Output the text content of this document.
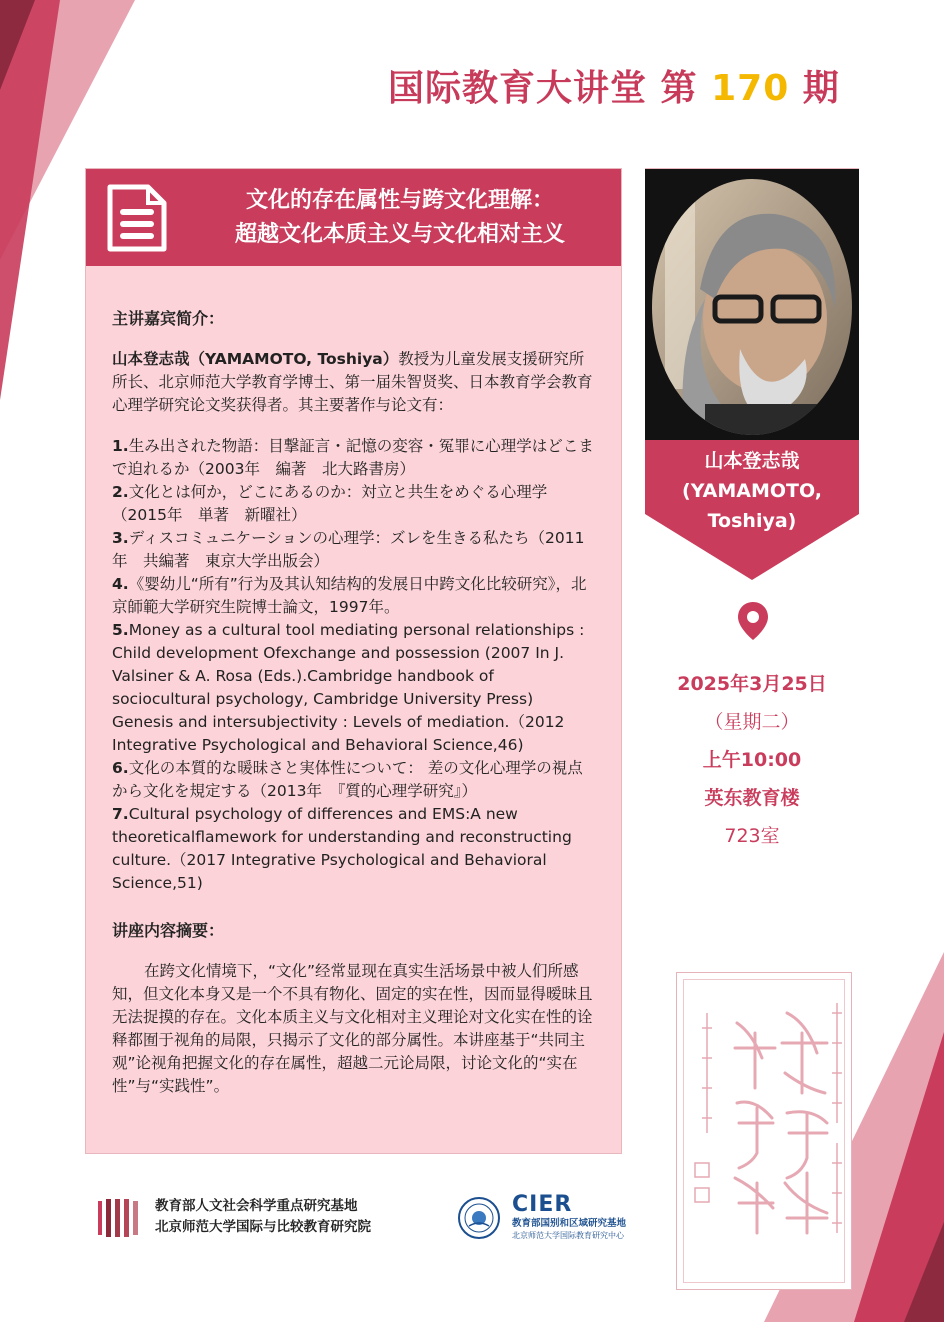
国际教育大讲堂 第 170 期
文化的存在属性与跨文化理解：
超越文化本质主义与文化相对主义
主讲嘉宾简介：

山本登志哉（YAMAMOTO, Toshiya）教授为儿童发展支援研究所所长、北京师范大学教育学博士、第一届朱智贤奖、日本教育学会教育心理学研究论文奖获得者。其主要著作与论文有：

1.生み出された物語：目撃証言・記憶の変容・冤罪に心理学はどこまで迫れるか（2003年　編著　北大路書房）
2.文化とは何か，どこにあるのか：対立と共生をめぐる心理学（2015年　単著　新曜社）
3.ディスコミュニケーションの心理学：ズレを生きる私たち（2011年　共編著　東京大学出版会）
4.《婴幼儿“所有”行为及其认知结构的发展日中跨文化比较研究》，北京師範大学研究生院博士論文，1997年。
5.Money as a cultural tool mediating personal relationships : Child development Ofexchange and possession (2007 In J. Valsiner & A. Rosa (Eds.).Cambridge handbook of sociocultural psychology, Cambridge University Press) Genesis and intersubjectivity : Levels of mediation.（2012 Integrative Psychological and Behavioral Science,46)
6.文化の本質的な暖昧さと実体性について： 差の文化心理学の視点から文化を規定する（2013年　『質的心理学研究』）
7.Cultural psychology of differences and EMS:A new theoreticalflamework for understanding and reconstructing culture.（2017 Integrative Psychological and Behavioral Science,51)
讲座内容摘要：

在跨文化情境下，“文化”经常显现在真实生活场景中被人们所感知，但文化本身又是一个不具有物化、固定的实在性，因而显得暧昧且无法捉摸的存在。文化本质主义与文化相对主义理论对文化实在性的诠释都囿于视角的局限，只揭示了文化的部分属性。本讲座基于“共同主观”论视角把握文化的存在属性，超越二元论局限，讨论文化的“实在性”与“实践性”。

山本登志哉
(YAMAMOTO,
Toshiya)
2025年3月25日
（星期二）
上午10:00
英东教育楼
723室
教育部人文社会科学重点研究基地
北京师范大学国际与比较教育研究院
CIER
教育部国别和区域研究基地
北京师范大学国际教育研究中心
